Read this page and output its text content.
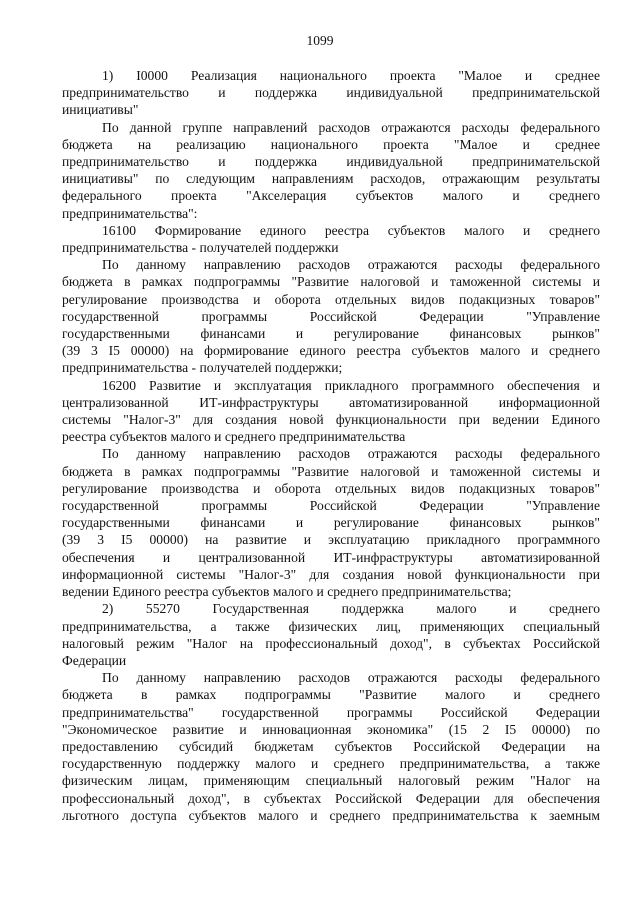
1099
1) I0000 Реализация национального проекта "Малое и среднее
предпринимательство и поддержка индивидуальной предпринимательской
инициативы"
По данной группе направлений расходов отражаются расходы федерального
бюджета на реализацию национального проекта "Малое и среднее
предпринимательство и поддержка индивидуальной предпринимательской
инициативы" по следующим направлениям расходов, отражающим результаты
федерального проекта "Акселерация субъектов малого и среднего
предпринимательства":
16100 Формирование единого реестра субъектов малого и среднего
предпринимательства - получателей поддержки
По данному направлению расходов отражаются расходы федерального
бюджета в рамках подпрограммы "Развитие налоговой и таможенной системы и
регулирование производства и оборота отдельных видов подакцизных товаров"
государственной программы Российской Федерации "Управление
государственными финансами и регулирование финансовых рынков"
(39 3 I5 00000) на формирование единого реестра субъектов малого и среднего
предпринимательства - получателей поддержки;
16200 Развитие и эксплуатация прикладного программного обеспечения и
централизованной ИТ-инфраструктуры автоматизированной информационной
системы "Налог-3" для создания новой функциональности при ведении Единого
реестра субъектов малого и среднего предпринимательства
По данному направлению расходов отражаются расходы федерального
бюджета в рамках подпрограммы "Развитие налоговой и таможенной системы и
регулирование производства и оборота отдельных видов подакцизных товаров"
государственной программы Российской Федерации "Управление
государственными финансами и регулирование финансовых рынков"
(39 3 I5 00000) на развитие и эксплуатацию прикладного программного
обеспечения и централизованной ИТ-инфраструктуры автоматизированной
информационной системы "Налог-3" для создания новой функциональности при
ведении Единого реестра субъектов малого и среднего предпринимательства;
2) 55270 Государственная поддержка малого и среднего
предпринимательства, а также физических лиц, применяющих специальный
налоговый режим "Налог на профессиональный доход", в субъектах Российской
Федерации
По данному направлению расходов отражаются расходы федерального
бюджета в рамках подпрограммы "Развитие малого и среднего
предпринимательства" государственной программы Российской Федерации
"Экономическое развитие и инновационная экономика" (15 2 I5 00000) по
предоставлению субсидий бюджетам субъектов Российской Федерации на
государственную поддержку малого и среднего предпринимательства, а также
физическим лицам, применяющим специальный налоговый режим "Налог на
профессиональный доход", в субъектах Российской Федерации для обеспечения
льготного доступа субъектов малого и среднего предпринимательства к заемным
